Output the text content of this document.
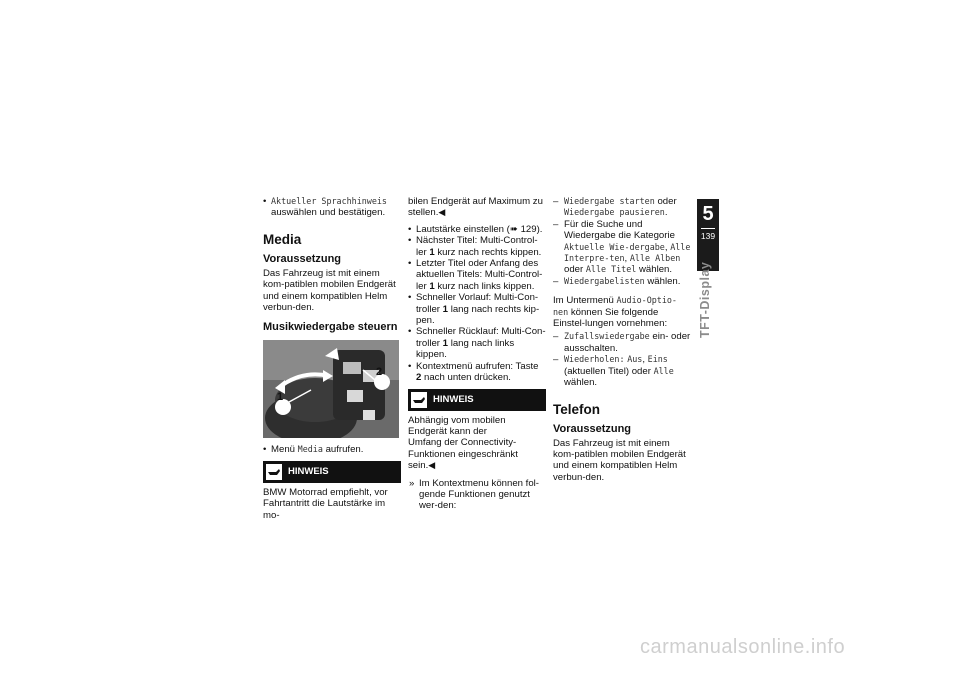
• Aktueller Sprachhinweis
auswählen und bestätigen.

Media
Voraussetzung

Das Fahrzeug ist mit einem kom-patiblen mobilen Endgerät und einem kompatiblen Helm verbun-den.

Musikwiedergabe steuern
1
2

• Menü Media aufrufen.

HINWEIS

BMW Motorrad empfiehlt, vor Fahrtantritt die Lautstärke im mo-

bilen Endgerät auf Maximum zu stellen.◀

• Lautstärke einstellen (➠ 129).

• Nächster Titel: Multi-Control-ler 1 kurz nach rechts kippen.

• Letzter Titel oder Anfang des aktuellen Titels: Multi-Control-ler 1 kurz nach links kippen.

• Schneller Vorlauf: Multi-Con-troller 1 lang nach rechts kip-pen.

• Schneller Rücklauf: Multi-Con-troller 1 lang nach links kippen.

• Kontextmenü aufrufen: Taste 2 nach unten drücken.

HINWEIS

Abhängig vom mobilen Endgerät kann der Umfang der Connectivity-Funktionen eingeschränkt sein.◀

» Im Kontextmenu können fol-gende Funktionen genutzt wer-den:

– Wiedergabe starten oder Wiedergabe pausieren.

– Für die Suche und Wiedergabe die Kategorie Aktuelle Wie-dergabe, Alle Interpre-ten, Alle Alben oder Alle Titel wählen.

– Wiedergabelisten wählen.

Im Untermenü Audio-Optio-nen können Sie folgende Einstel-lungen vornehmen:

– Zufallswiedergabe ein- oder ausschalten.

– Wiederholen: Aus, Eins (aktuellen Titel) oder Alle wählen.

Telefon
Voraussetzung

Das Fahrzeug ist mit einem kom-patiblen mobilen Endgerät und einem kompatiblen Helm verbun-den.

5
139
TFT-Display
carmanualsonline.info
